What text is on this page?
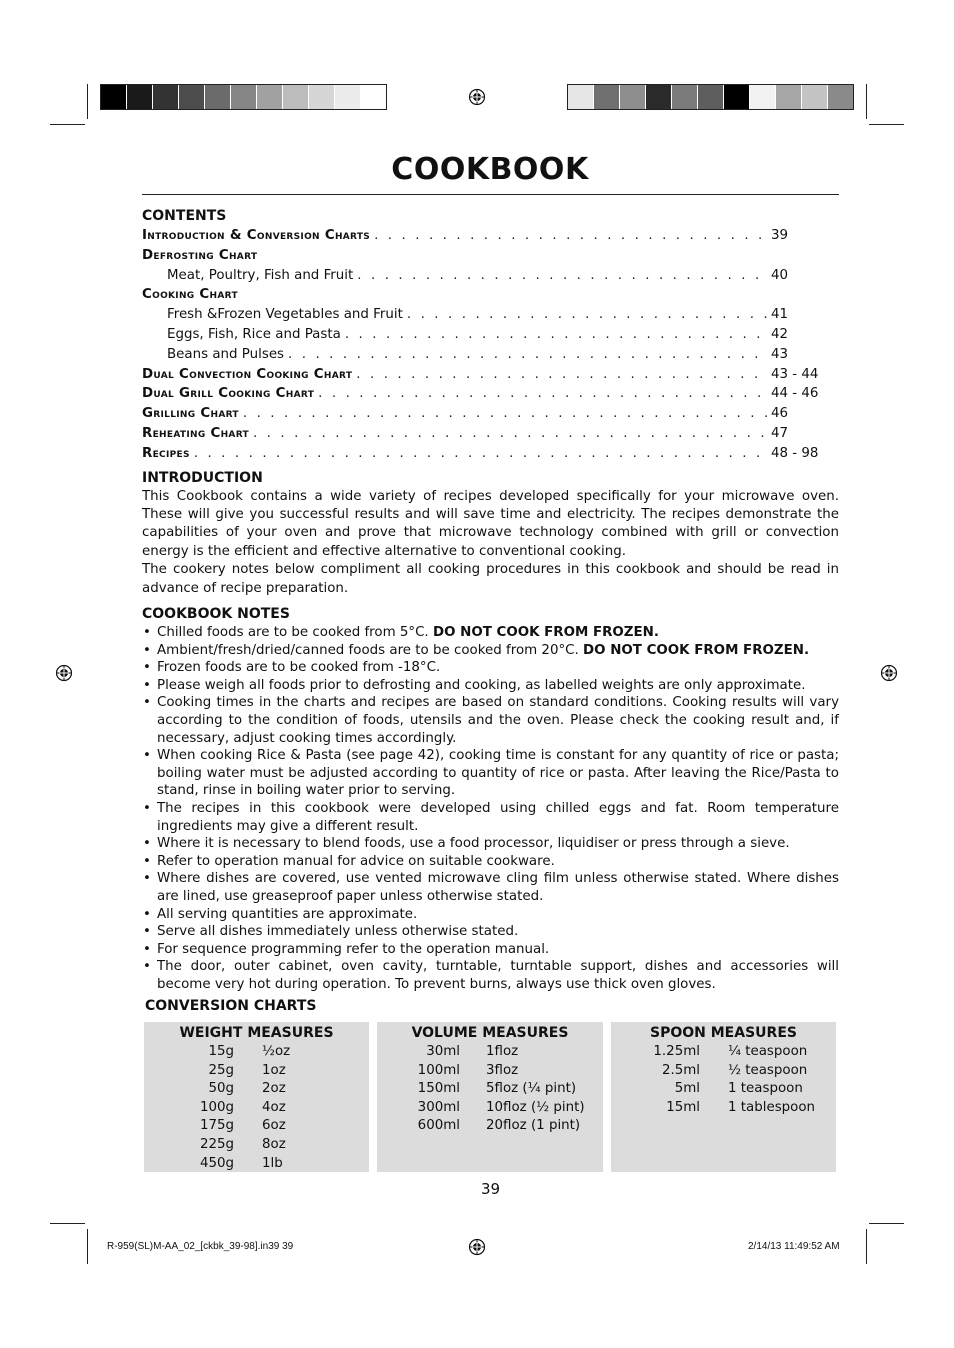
COOKBOOK
CONTENTS
Introduction & Conversion Charts . . .	39
Defrosting Chart
Meat, Poultry, Fish and Fruit . . .	40
Cooking Chart
Fresh &Frozen Vegetables and Fruit . . .	41
Eggs, Fish, Rice and Pasta . . .	42
Beans and Pulses . . .	43
Dual Convection Cooking Chart . . .	43 - 44
Dual Grill Cooking Chart . . .	44 - 46
Grilling Chart . . .	46
Reheating Chart . . .	47
Recipes . . .	48 - 98
INTRODUCTION

This Cookbook contains a wide variety of recipes developed specifically for your microwave oven. These will give you successful results and will save time and electricity. The recipes demonstrate the capabilities of your oven and prove that microwave technology combined with grill or convection energy is the efficient and effective alternative to conventional cooking.

The cookery notes below compliment all cooking procedures in this cookbook and should be read in advance of recipe preparation.

COOKBOOK NOTES
• Chilled foods are to be cooked from 5°C. DO NOT COOK FROM FROZEN.
• Ambient/fresh/dried/canned foods are to be cooked from 20°C. DO NOT COOK FROM FROZEN.
• Frozen foods are to be cooked from -18°C.
• Please weigh all foods prior to defrosting and cooking, as labelled weights are only approximate.
• Cooking times in the charts and recipes are based on standard conditions. Cooking results will vary according to the condition of foods, utensils and the oven. Please check the cooking result and, if necessary, adjust cooking times accordingly.
• When cooking Rice & Pasta (see page 42), cooking time is constant for any quantity of rice or pasta; boiling water must be adjusted according to quantity of rice or pasta. After leaving the Rice/Pasta to stand, rinse in boiling water prior to serving.
• The recipes in this cookbook were developed using chilled eggs and fat. Room temperature ingredients may give a different result.
• Where it is necessary to blend foods, use a food processor, liquidiser or press through a sieve.
• Refer to operation manual for advice on suitable cookware.
• Where dishes are covered, use vented microwave cling film unless otherwise stated. Where dishes are lined, use greaseproof paper unless otherwise stated.
• All serving quantities are approximate.
• Serve all dishes immediately unless otherwise stated.
• For sequence programming refer to the operation manual.
• The door, outer cabinet, oven cavity, turntable, turntable support, dishes and accessories will become very hot during operation. To prevent burns, always use thick oven gloves.
CONVERSION CHARTS
WEIGHT MEASURES
15g	½oz
25g	1oz
50g	2oz
100g	4oz
175g	6oz
225g	8oz
450g	1lb
VOLUME MEASURES
30ml	1floz
100ml	3floz
150ml	5floz (¼ pint)
300ml	10floz (½ pint)
600ml	20floz (1 pint)
SPOON MEASURES
1.25ml	¼ teaspoon
2.5ml	½ teaspoon
5ml	1 teaspoon
15ml	1 tablespoon
39
R-959(SL)M-AA_02_[ckbk_39-98].in39 39	2/14/13 11:49:52 AM
